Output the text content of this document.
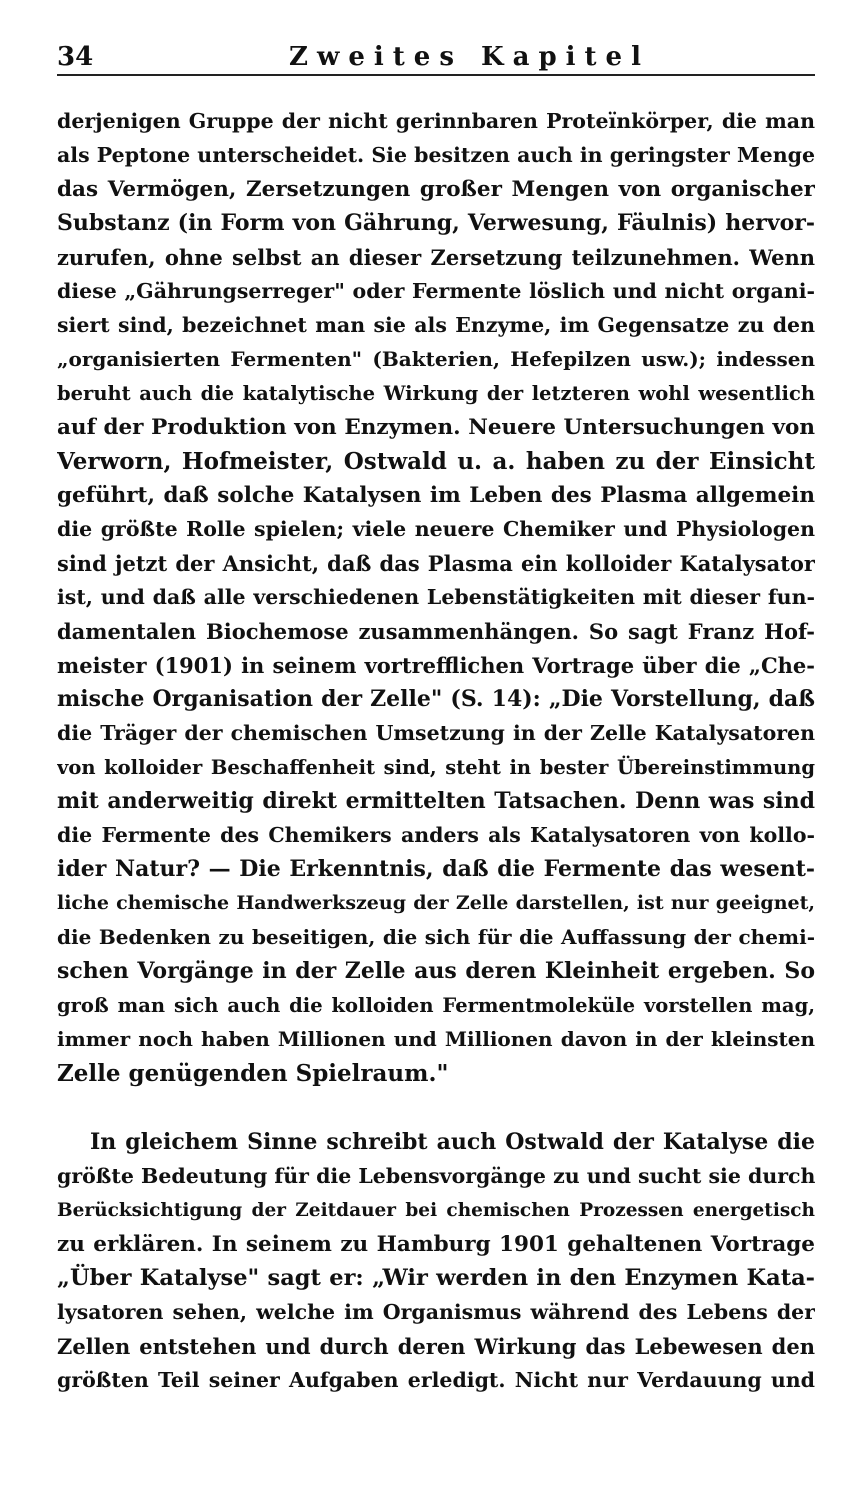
34	Zweites Kapitel
derjenigen Gruppe der nicht gerinnbaren Proteïnkörper, die man
als Peptone unterscheidet. Sie besitzen auch in geringster Menge
das Vermögen, Zersetzungen großer Mengen von organischer
Substanz (in Form von Gährung, Verwesung, Fäulnis) hervor-
zurufen, ohne selbst an dieser Zersetzung teilzunehmen. Wenn
diese „Gährungserreger" oder Fermente löslich und nicht organi-
siert sind, bezeichnet man sie als Enzyme, im Gegensatze zu den
„organisierten Fermenten" (Bakterien, Hefepilzen usw.); indessen
beruht auch die katalytische Wirkung der letzteren wohl wesentlich
auf der Produktion von Enzymen. Neuere Untersuchungen von
Verworn, Hofmeister, Ostwald u. a. haben zu der Einsicht
geführt, daß solche Katalysen im Leben des Plasma allgemein
die größte Rolle spielen; viele neuere Chemiker und Physiologen
sind jetzt der Ansicht, daß das Plasma ein kolloider Katalysator
ist, und daß alle verschiedenen Lebenstätigkeiten mit dieser fun-
damentalen Biochemose zusammenhängen. So sagt Franz Hof-
meister (1901) in seinem vortrefflichen Vortrage über die „Che-
mische Organisation der Zelle" (S. 14): „Die Vorstellung, daß
die Träger der chemischen Umsetzung in der Zelle Katalysatoren
von kolloider Beschaffenheit sind, steht in bester Übereinstimmung
mit anderweitig direkt ermittelten Tatsachen. Denn was sind
die Fermente des Chemikers anders als Katalysatoren von kollo-
ider Natur? — Die Erkenntnis, daß die Fermente das wesent-
liche chemische Handwerkszeug der Zelle darstellen, ist nur geeignet,
die Bedenken zu beseitigen, die sich für die Auffassung der chemi-
schen Vorgänge in der Zelle aus deren Kleinheit ergeben. So
groß man sich auch die kolloiden Fermentmoleküle vorstellen mag,
immer noch haben Millionen und Millionen davon in der kleinsten
Zelle genügenden Spielraum."
In gleichem Sinne schreibt auch Ostwald der Katalyse die
größte Bedeutung für die Lebensvorgänge zu und sucht sie durch
Berücksichtigung der Zeitdauer bei chemischen Prozessen energetisch
zu erklären. In seinem zu Hamburg 1901 gehaltenen Vortrage
„Über Katalyse" sagt er: „Wir werden in den Enzymen Kata-
lysatoren sehen, welche im Organismus während des Lebens der
Zellen entstehen und durch deren Wirkung das Lebewesen den
größten Teil seiner Aufgaben erledigt. Nicht nur Verdauung und
